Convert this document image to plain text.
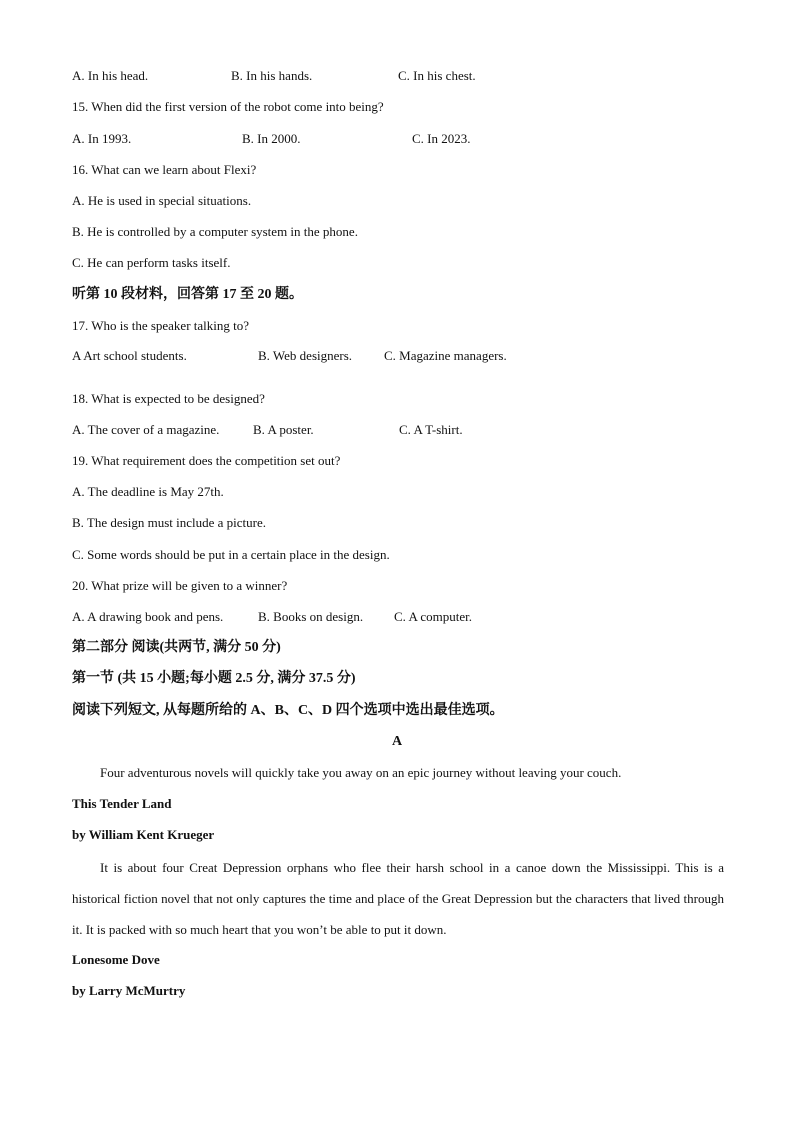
A. In his head.	B. In his hands.	C. In his chest.
15. When did the first version of the robot come into being?
A. In 1993.	B. In 2000.	C. In 2023.
16. What can we learn about Flexi?
A. He is used in special situations.
B. He is controlled by a computer system in the phone.
C. He can perform tasks itself.
听第 10 段材料，回答第 17 至 20 题。
17. Who is the speaker talking to?
A Art school students.	B. Web designers. C. Magazine managers.
18. What is expected to be designed?
A. The cover of a magazine.	B. A poster.	C. A T-shirt.
19. What requirement does the competition set out?
A. The deadline is May 27th.
B. The design must include a picture.
C. Some words should be put in a certain place in the design.
20. What prize will be given to a winner?
A. A drawing book and pens.	B. Books on design. C. A computer.
第二部分 阅读(共两节, 满分 50 分)
第一节 (共 15 小题;每小题 2.5 分, 满分 37.5 分)
阅读下列短文, 从每题所给的 A、B、C、D 四个选项中选出最佳选项。
A
Four adventurous novels will quickly take you away on an epic journey without leaving your couch.
This Tender Land
by William Kent Krueger
It is about four Creat Depression orphans who flee their harsh school in a canoe down the Mississippi. This is a historical fiction novel that not only captures the time and place of the Great Depression but the characters that lived through it. It is packed with so much heart that you won’t be able to put it down.
Lonesome Dove
by Larry McMurtry
